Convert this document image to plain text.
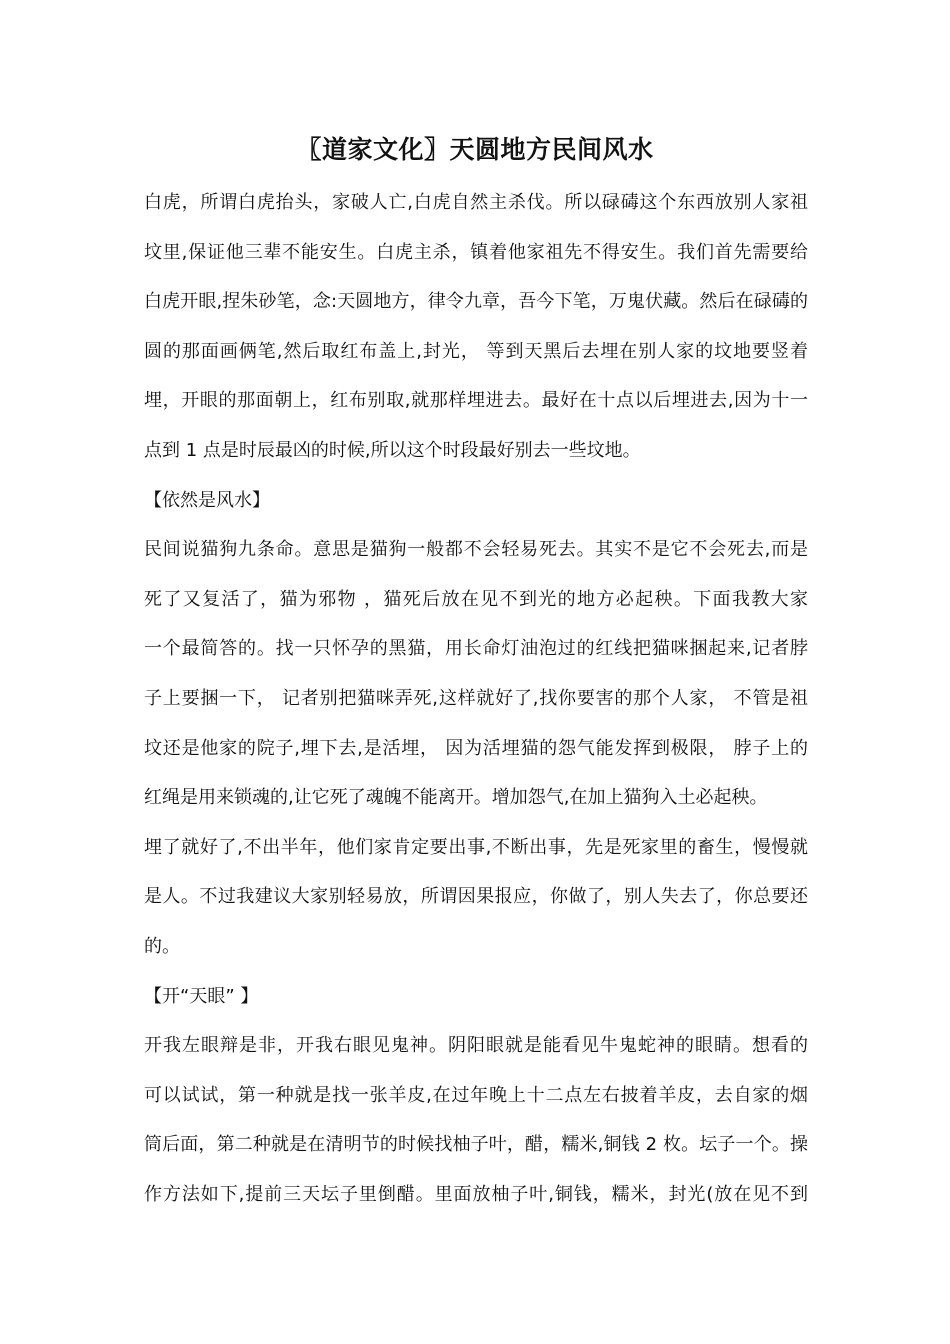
〖道家文化〗天圆地方民间风水
白虎，所谓白虎抬头，家破人亡,白虎自然主杀伐。所以碌碡这个东西放别人家祖
坟里,保证他三辈不能安生。白虎主杀，镇着他家祖先不得安生。我们首先需要给
白虎开眼,捏朱砂笔，念:天圆地方，律令九章，吾今下笔，万鬼伏藏。然后在碌碡的
圆的那面画俩笔,然后取红布盖上,封光， 等到天黑后去埋在别人家的坟地要竖着
埋，开眼的那面朝上，红布别取,就那样埋进去。最好在十点以后埋进去,因为十一
点到 1 点是时辰最凶的时候,所以这个时段最好别去一些坟地。
【依然是风水】
民间说猫狗九条命。意思是猫狗一般都不会轻易死去。其实不是它不会死去,而是
死了又复活了，猫为邪物 ，猫死后放在见不到光的地方必起秧。下面我教大家
一个最简答的。找一只怀孕的黑猫，用长命灯油泡过的红线把猫咪捆起来,记者脖
子上要捆一下， 记者别把猫咪弄死,这样就好了,找你要害的那个人家， 不管是祖
坟还是他家的院子,埋下去,是活埋， 因为活埋猫的怨气能发挥到极限， 脖子上的
红绳是用来锁魂的,让它死了魂魄不能离开。增加怨气,在加上猫狗入土必起秧。
埋了就好了,不出半年，他们家肯定要出事,不断出事，先是死家里的畜生，慢慢就
是人。不过我建议大家别轻易放，所谓因果报应，你做了，别人失去了，你总要还
的。
【开“天眼” 】
开我左眼辩是非，开我右眼见鬼神。阴阳眼就是能看见牛鬼蛇神的眼睛。想看的
可以试试，第一种就是找一张羊皮,在过年晚上十二点左右披着羊皮，去自家的烟
筒后面，第二种就是在清明节的时候找柚子叶，醋，糯米,铜钱 2 枚。坛子一个。操
作方法如下,提前三天坛子里倒醋。里面放柚子叶,铜钱，糯米，封光(放在见不到
